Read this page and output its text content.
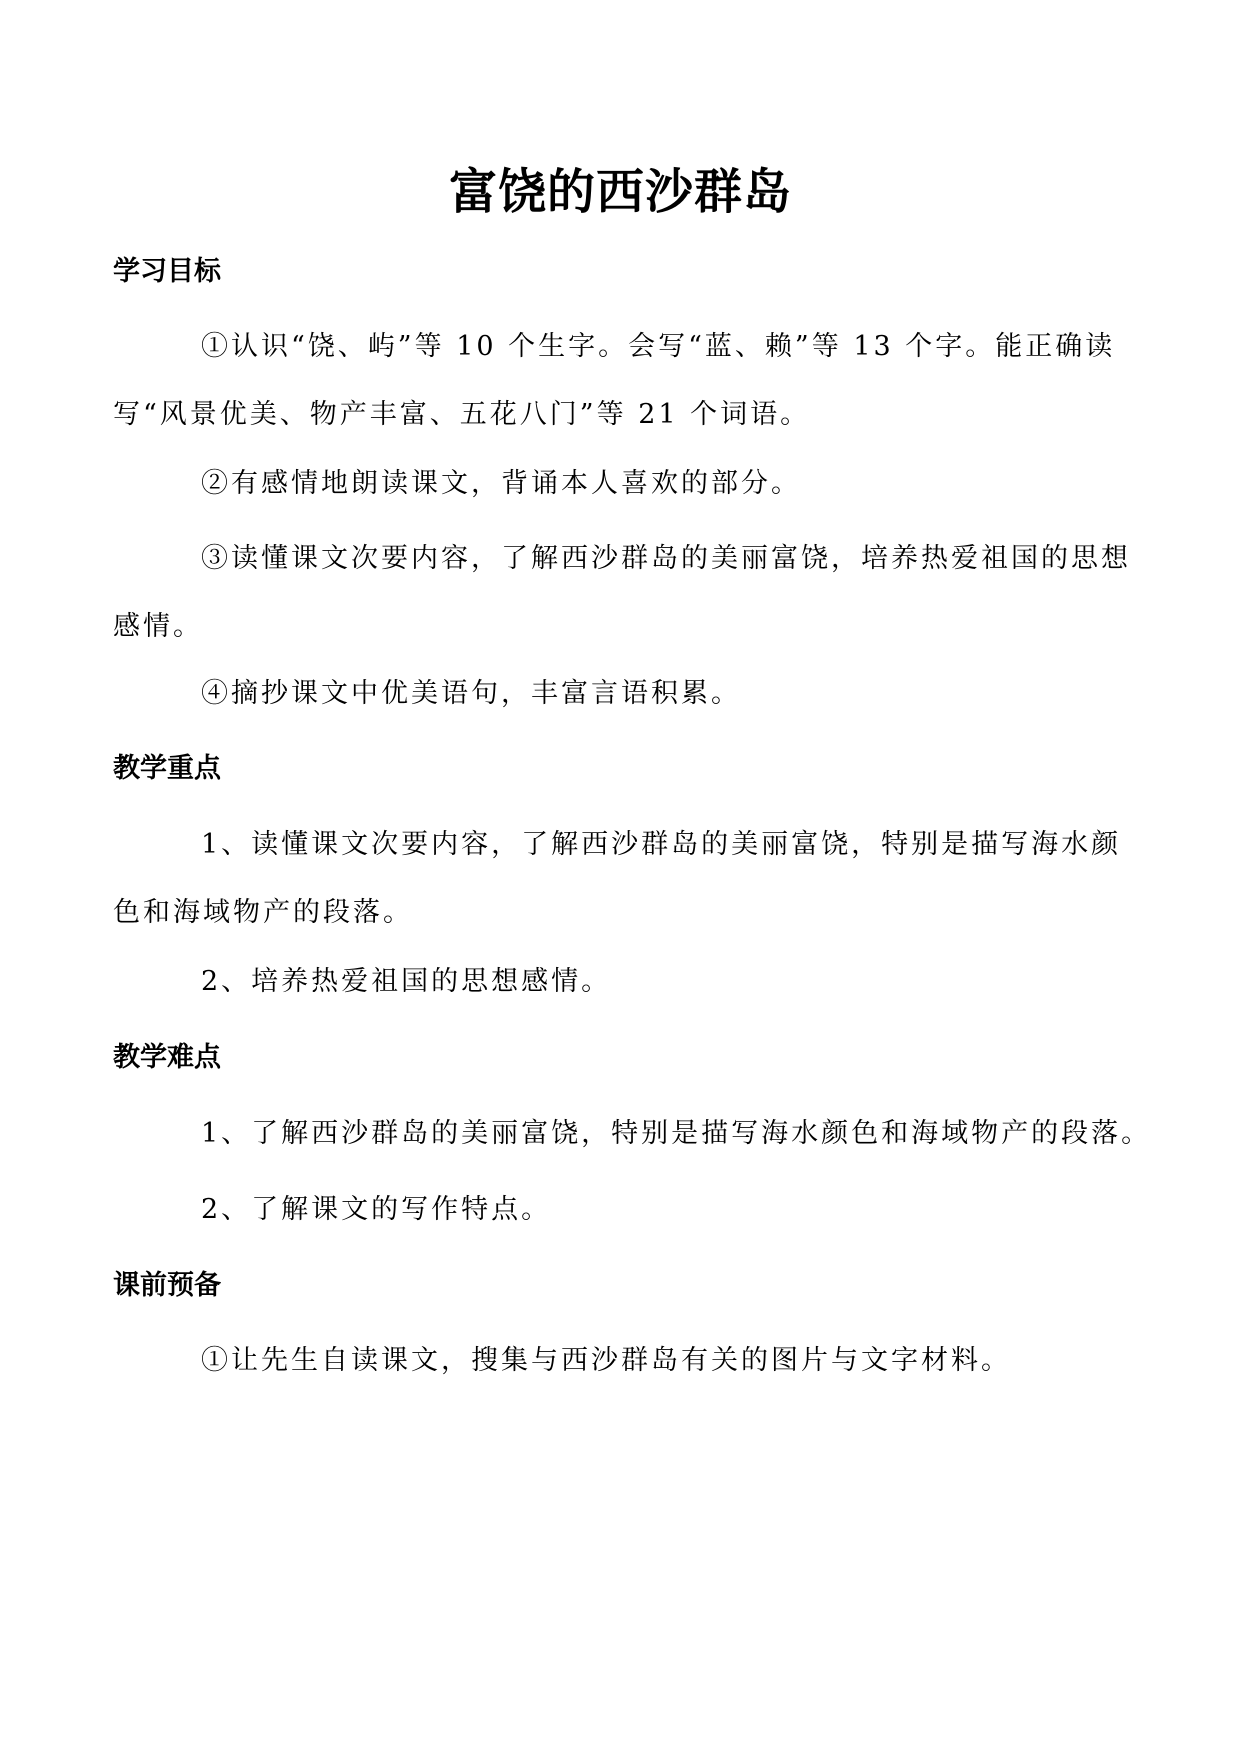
富饶的西沙群岛
学习目标
①认识“饶、屿”等 10 个生字。会写“蓝、赖”等 13 个字。能正确读
写“风景优美、物产丰富、五花八门”等 21 个词语。
②有感情地朗读课文，背诵本人喜欢的部分。
③读懂课文次要内容，了解西沙群岛的美丽富饶，培养热爱祖国的思想
感情。
④摘抄课文中优美语句，丰富言语积累。
教学重点
1、读懂课文次要内容，了解西沙群岛的美丽富饶，特别是描写海水颜
色和海域物产的段落。
2、培养热爱祖国的思想感情。
教学难点
1、了解西沙群岛的美丽富饶，特别是描写海水颜色和海域物产的段落。
2、了解课文的写作特点。
课前预备
①让先生自读课文，搜集与西沙群岛有关的图片与文字材料。
